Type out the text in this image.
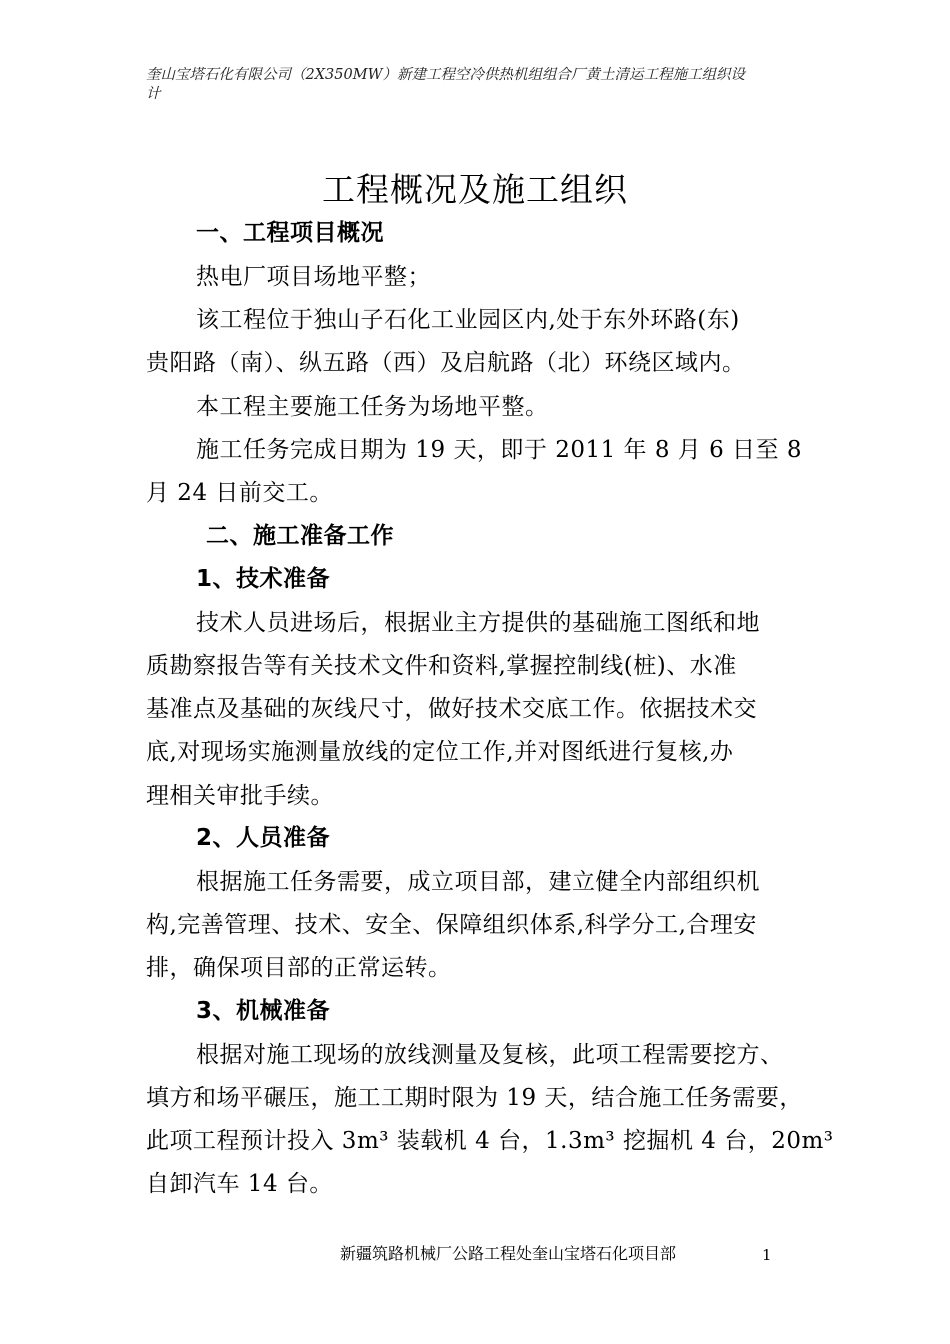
奎山宝塔石化有限公司（2X350MW）新建工程空冷供热机组组合厂黄土清运工程施工组织设
计
工程概况及施工组织
一、工程项目概况
热电厂项目场地平整；
该工程位于独山子石化工业园区内,处于东外环路(东)
贵阳路（南）、纵五路（西）及启航路（北）环绕区域内。
本工程主要施工任务为场地平整。
施工任务完成日期为 19 天，即于 2011 年 8 月 6 日至 8
月 24 日前交工。
二、施工准备工作
1、技术准备
技术人员进场后，根据业主方提供的基础施工图纸和地
质勘察报告等有关技术文件和资料,掌握控制线(桩)、水准
基准点及基础的灰线尺寸，做好技术交底工作。依据技术交
底,对现场实施测量放线的定位工作,并对图纸进行复核,办
理相关审批手续。
2、人员准备
根据施工任务需要，成立项目部，建立健全内部组织机
构,完善管理、技术、安全、保障组织体系,科学分工,合理安
排，确保项目部的正常运转。
3、机械准备
根据对施工现场的放线测量及复核，此项工程需要挖方、
填方和场平碾压，施工工期时限为 19 天，结合施工任务需要，
此项工程预计投入 3m³ 装载机 4 台，1.3m³ 挖掘机 4 台，20m³
自卸汽车 14 台。
新疆筑路机械厂公路工程处奎山宝塔石化项目部	1
